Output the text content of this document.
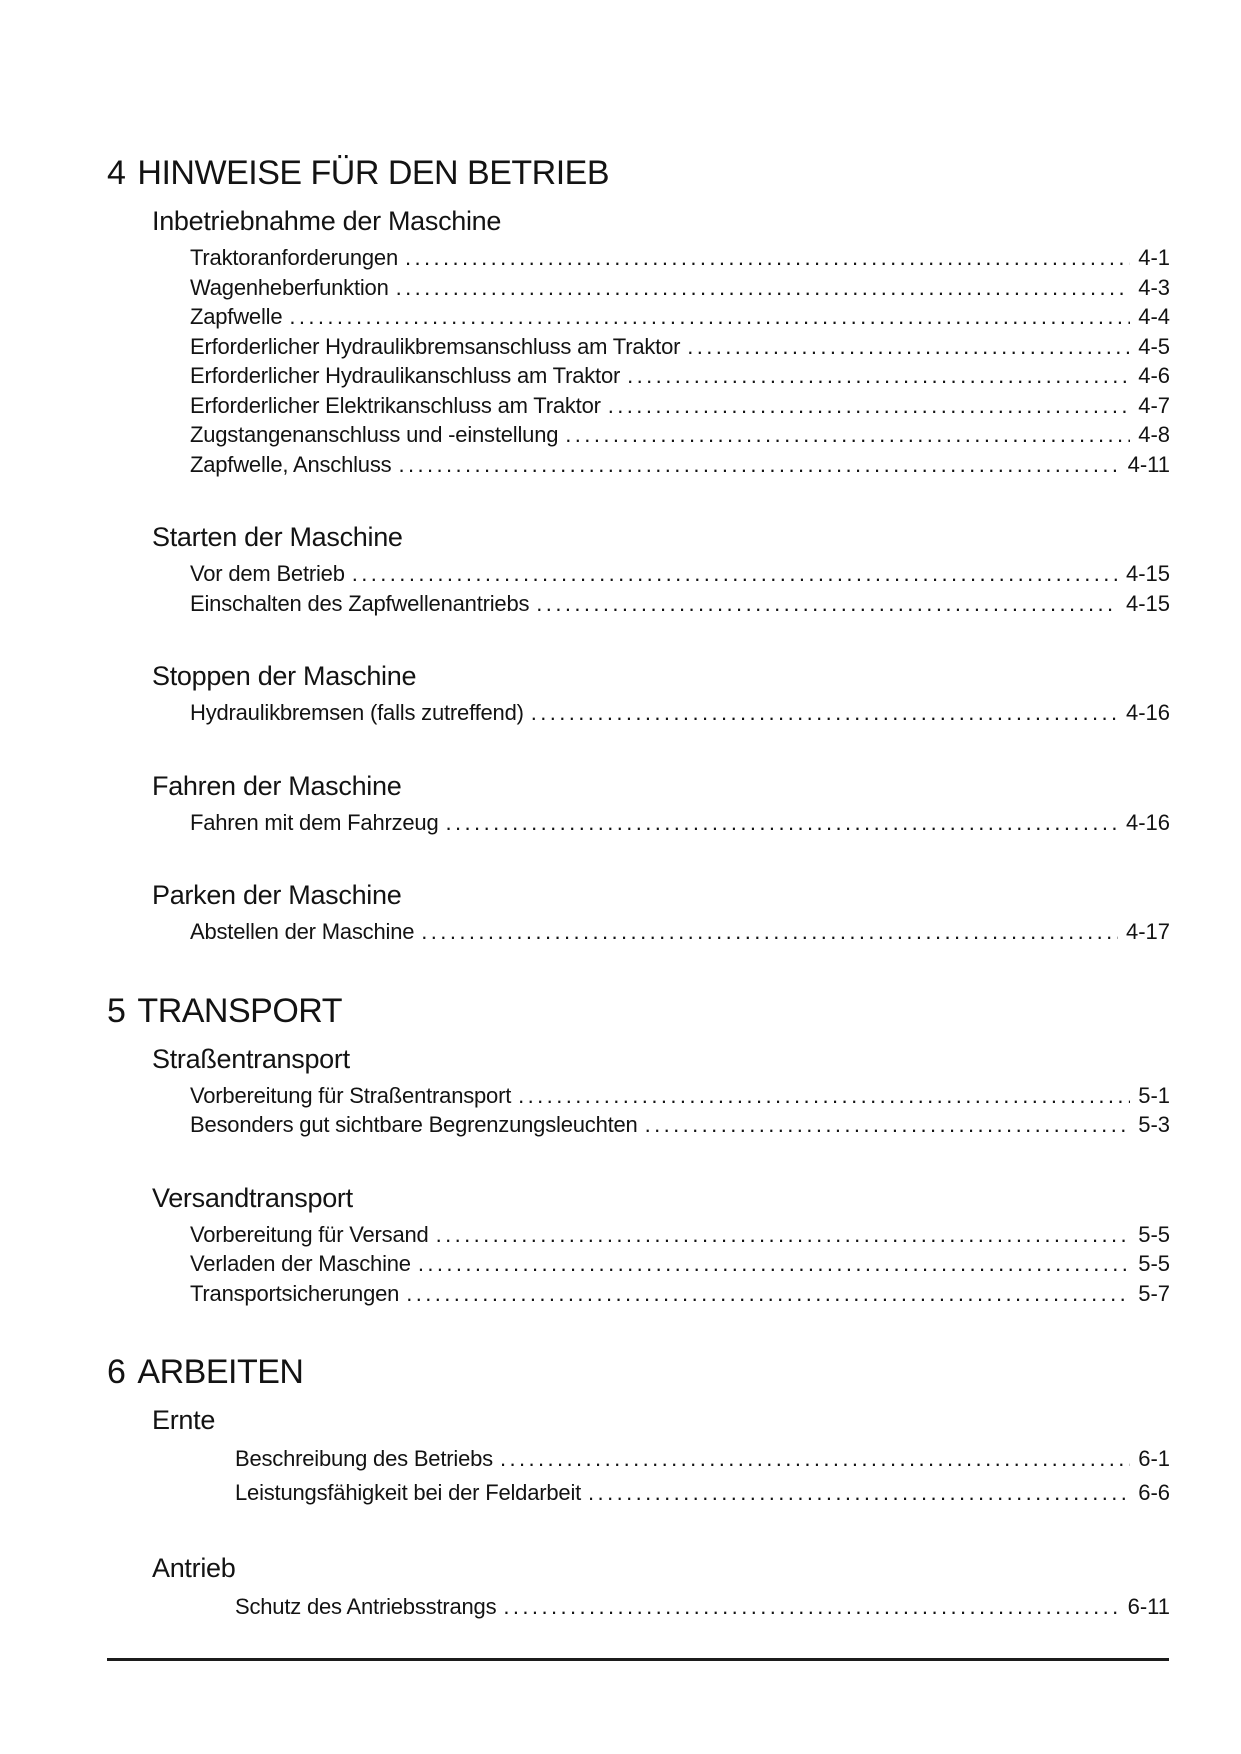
4 HINWEISE FÜR DEN BETRIEB
Inbetriebnahme der Maschine
Traktoranforderungen .....	4-1
Wagenheberfunktion .....	4-3
Zapfwelle .....	4-4
Erforderlicher Hydraulikbremsanschluss am Traktor .....	4-5
Erforderlicher Hydraulikanschluss am Traktor .....	4-6
Erforderlicher Elektrikanschluss am Traktor .....	4-7
Zugstangenanschluss und -einstellung .....	4-8
Zapfwelle, Anschluss .....	4-11
Starten der Maschine
Vor dem Betrieb .....	4-15
Einschalten des Zapfwellenantriebs .....	4-15
Stoppen der Maschine
Hydraulikbremsen (falls zutreffend) .....	4-16
Fahren der Maschine
Fahren mit dem Fahrzeug .....	4-16
Parken der Maschine
Abstellen der Maschine .....	4-17
5 TRANSPORT
Straßentransport
Vorbereitung für Straßentransport .....	5-1
Besonders gut sichtbare Begrenzungsleuchten .....	5-3
Versandtransport
Vorbereitung für Versand .....	5-5
Verladen der Maschine .....	5-5
Transportsicherungen .....	5-7
6 ARBEITEN
Ernte
Beschreibung des Betriebs .....	6-1
Leistungsfähigkeit bei der Feldarbeit .....	6-6
Antrieb
Schutz des Antriebsstrangs .....	6-11
